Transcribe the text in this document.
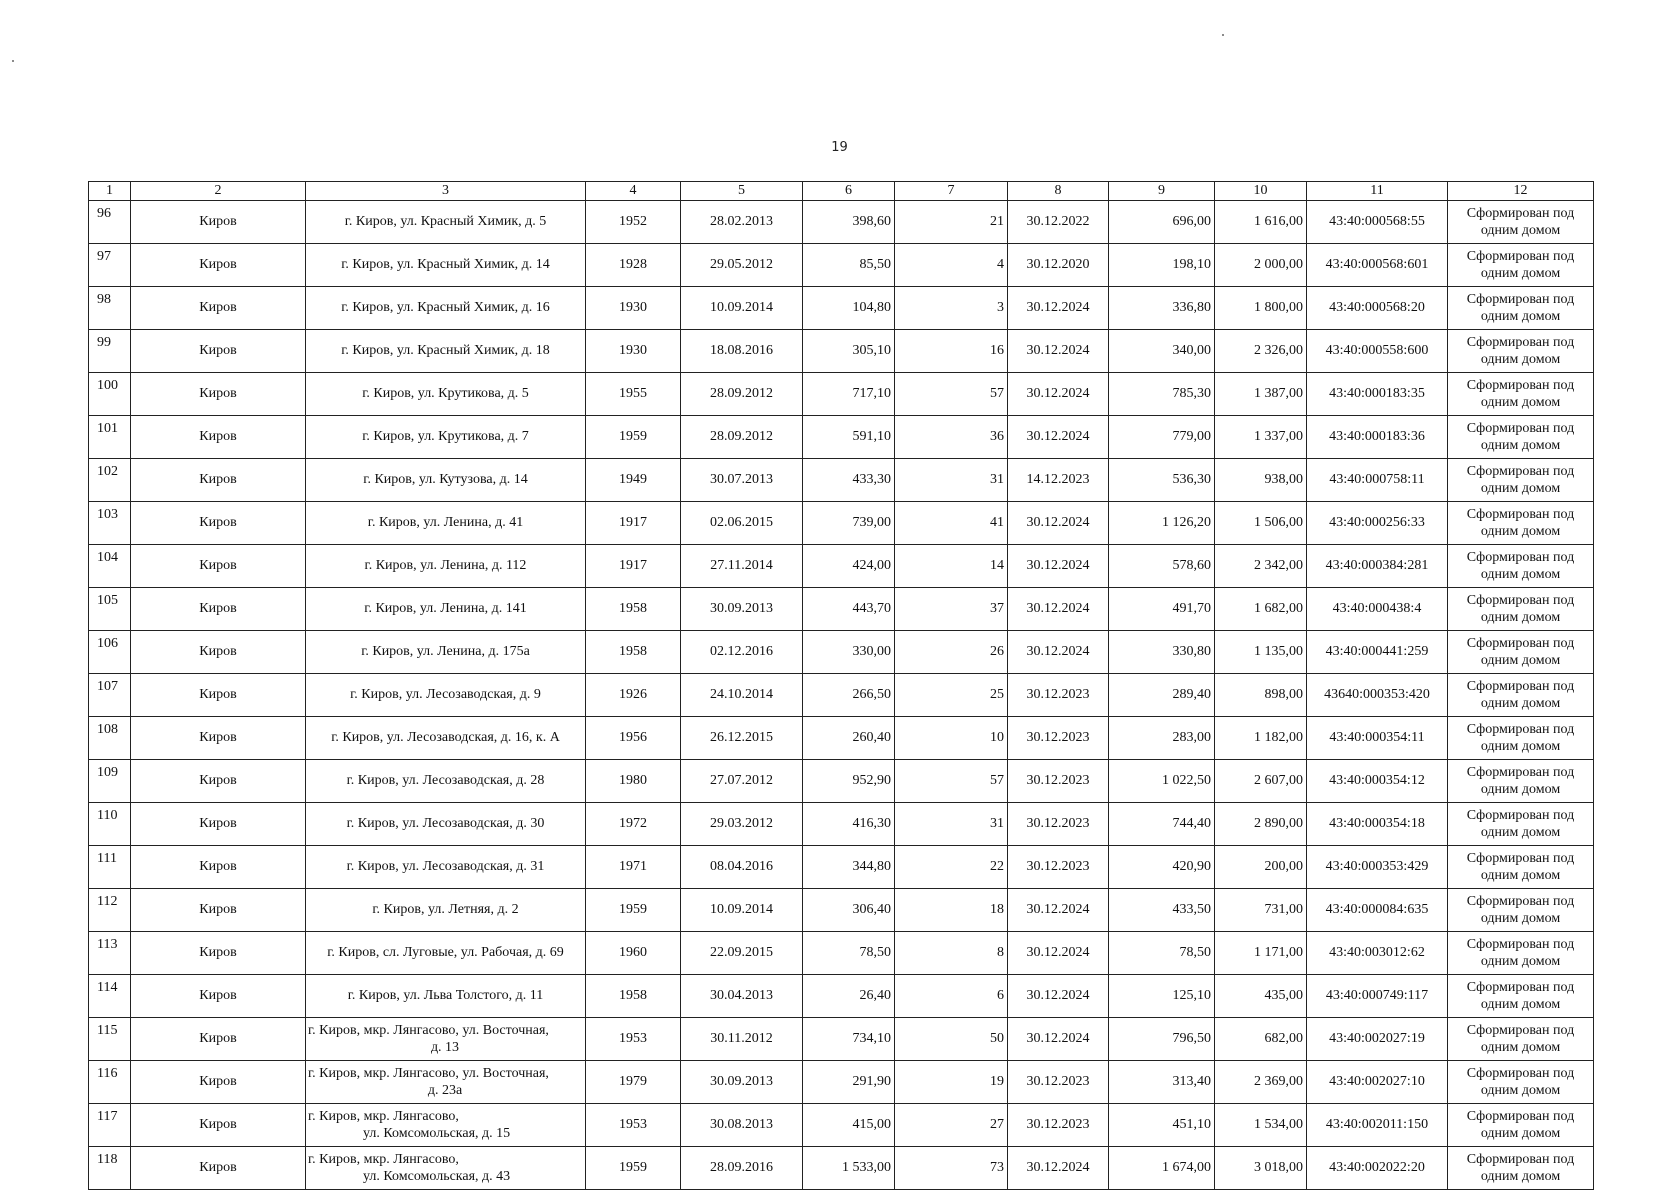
19
1	2	3	4	5	6	7	8	9	10	11	12
96	Киров	г. Киров, ул. Красный Химик, д. 5	1952	28.02.2013	398,60	21	30.12.2022	696,00	1 616,00	43:40:000568:55	Сформирован под
одним домом

97	Киров	г. Киров, ул. Красный Химик, д. 14	1928	29.05.2012	85,50	4	30.12.2020	198,10	2 000,00	43:40:000568:601	Сформирован под
одним домом

98	Киров	г. Киров, ул. Красный Химик, д. 16	1930	10.09.2014	104,80	3	30.12.2024	336,80	1 800,00	43:40:000568:20	Сформирован под
одним домом

99	Киров	г. Киров, ул. Красный Химик, д. 18	1930	18.08.2016	305,10	16	30.12.2024	340,00	2 326,00	43:40:000558:600	Сформирован под
одним домом

100	Киров	г. Киров, ул. Крутикова, д. 5	1955	28.09.2012	717,10	57	30.12.2024	785,30	1 387,00	43:40:000183:35	Сформирован под
одним домом

101	Киров	г. Киров, ул. Крутикова, д. 7	1959	28.09.2012	591,10	36	30.12.2024	779,00	1 337,00	43:40:000183:36	Сформирован под
одним домом

102	Киров	г. Киров, ул. Кутузова, д. 14	1949	30.07.2013	433,30	31	14.12.2023	536,30	938,00	43:40:000758:11	Сформирован под
одним домом

103	Киров	г. Киров, ул. Ленина, д. 41	1917	02.06.2015	739,00	41	30.12.2024	1 126,20	1 506,00	43:40:000256:33	Сформирован под
одним домом

104	Киров	г. Киров, ул. Ленина, д. 112	1917	27.11.2014	424,00	14	30.12.2024	578,60	2 342,00	43:40:000384:281	Сформирован под
одним домом

105	Киров	г. Киров, ул. Ленина, д. 141	1958	30.09.2013	443,70	37	30.12.2024	491,70	1 682,00	43:40:000438:4	Сформирован под
одним домом

106	Киров	г. Киров, ул. Ленина, д. 175а	1958	02.12.2016	330,00	26	30.12.2024	330,80	1 135,00	43:40:000441:259	Сформирован под
одним домом

107	Киров	г. Киров, ул. Лесозаводская, д. 9	1926	24.10.2014	266,50	25	30.12.2023	289,40	898,00	43640:000353:420	Сформирован под
одним домом

108	Киров	г. Киров, ул. Лесозаводская, д. 16, к. А	1956	26.12.2015	260,40	10	30.12.2023	283,00	1 182,00	43:40:000354:11	Сформирован под
одним домом

109	Киров	г. Киров, ул. Лесозаводская, д. 28	1980	27.07.2012	952,90	57	30.12.2023	1 022,50	2 607,00	43:40:000354:12	Сформирован под
одним домом

110	Киров	г. Киров, ул. Лесозаводская, д. 30	1972	29.03.2012	416,30	31	30.12.2023	744,40	2 890,00	43:40:000354:18	Сформирован под
одним домом

111	Киров	г. Киров, ул. Лесозаводская, д. 31	1971	08.04.2016	344,80	22	30.12.2023	420,90	200,00	43:40:000353:429	Сформирован под
одним домом

112	Киров	г. Киров, ул. Летняя, д. 2	1959	10.09.2014	306,40	18	30.12.2024	433,50	731,00	43:40:000084:635	Сформирован под
одним домом

113	Киров	г. Киров, сл. Луговые, ул. Рабочая, д. 69	1960	22.09.2015	78,50	8	30.12.2024	78,50	1 171,00	43:40:003012:62	Сформирован под
одним домом

114	Киров	г. Киров, ул. Льва Толстого, д. 11	1958	30.04.2013	26,40	6	30.12.2024	125,10	435,00	43:40:000749:117	Сформирован под
одним домом

115	Киров	г. Киров, мкр. Лянгасово, ул. Восточная,
д. 13	1953	30.11.2012	734,10	50	30.12.2024	796,50	682,00	43:40:002027:19	Сформирован под
одним домом

116	Киров	г. Киров, мкр. Лянгасово, ул. Восточная,
д. 23а	1979	30.09.2013	291,90	19	30.12.2023	313,40	2 369,00	43:40:002027:10	Сформирован под
одним домом

117	Киров	г. Киров, мкр. Лянгасово,
ул. Комсомольская, д. 15	1953	30.08.2013	415,00	27	30.12.2023	451,10	1 534,00	43:40:002011:150	Сформирован под
одним домом

118	Киров	г. Киров, мкр. Лянгасово,
ул. Комсомольская, д. 43	1959	28.09.2016	1 533,00	73	30.12.2024	1 674,00	3 018,00	43:40:002022:20	Сформирован под
одним домом
